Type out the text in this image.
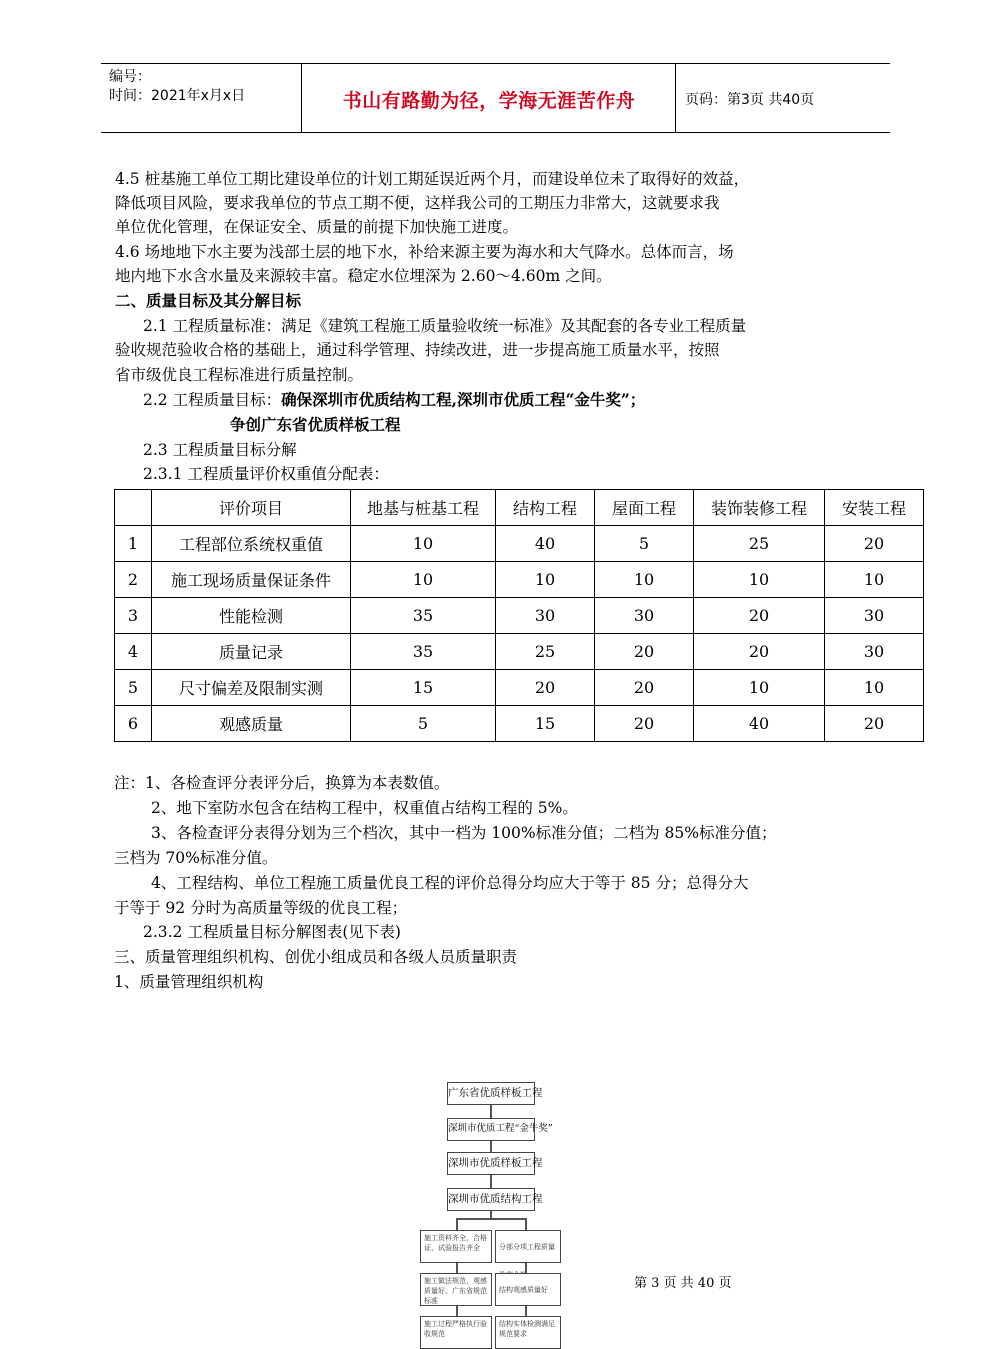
编号：
时间：2021年x月x日	书山有路勤为径，学海无涯苦作舟	页码：第3页 共40页
4.5 桩基施工单位工期比建设单位的计划工期延误近两个月，而建设单位未了取得好的效益，
降低项目风险，要求我单位的节点工期不便，这样我公司的工期压力非常大，这就要求我
单位优化管理，在保证安全、质量的前提下加快施工进度。
4.6 场地地下水主要为浅部土层的地下水，补给来源主要为海水和大气降水。总体而言，场
地内地下水含水量及来源较丰富。稳定水位埋深为 2.60～4.60m 之间。
二、质量目标及其分解目标
2.1 工程质量标准：满足《建筑工程施工质量验收统一标准》及其配套的各专业工程质量
验收规范验收合格的基础上，通过科学管理、持续改进，进一步提高施工质量水平，按照
省市级优良工程标准进行质量控制。
2.2 工程质量目标：确保深圳市优质结构工程,深圳市优质工程“金牛奖”；
争创广东省优质样板工程
2.3 工程质量目标分解
2.3.1 工程质量评价权重值分配表：
	评价项目	地基与桩基工程	结构工程	屋面工程	装饰装修工程	安装工程
1	工程部位系统权重值	10	40	5	25	20
2	施工现场质量保证条件	10	10	10	10	10
3	性能检测	35	30	30	20	30
4	质量记录	35	25	20	20	30
5	尺寸偏差及限制实测	15	20	20	10	10
6	观感质量	5	15	20	40	20
注：1、各检查评分表评分后，换算为本表数值。
2、地下室防水包含在结构工程中，权重值占结构工程的 5%。
3、各检查评分表得分划为三个档次，其中一档为 100%标准分值；二档为 85%标准分值；
三档为 70%标准分值。
4、工程结构、单位工程施工质量优良工程的评价总得分均应大于等于 85 分；总得分大
于等于 92 分时为高质量等级的优良工程；
2.3.2 工程质量目标分解图表(见下表)
三、质量管理组织机构、创优小组成员和各级人员质量职责
1、质量管理组织机构
广东省优质样板工程
深圳市优质工程“金牛奖”
深圳市优质样板工程
深圳市优质结构工程
施工资料齐全，合格证、试验报告齐全	分部分项工程质量
施工做法规范、观感质量好、广东省规范标准
结构观感质量好
施工过程严格执行验收规范
结构实体检测满足规范要求
第 3 页 共 40 页
